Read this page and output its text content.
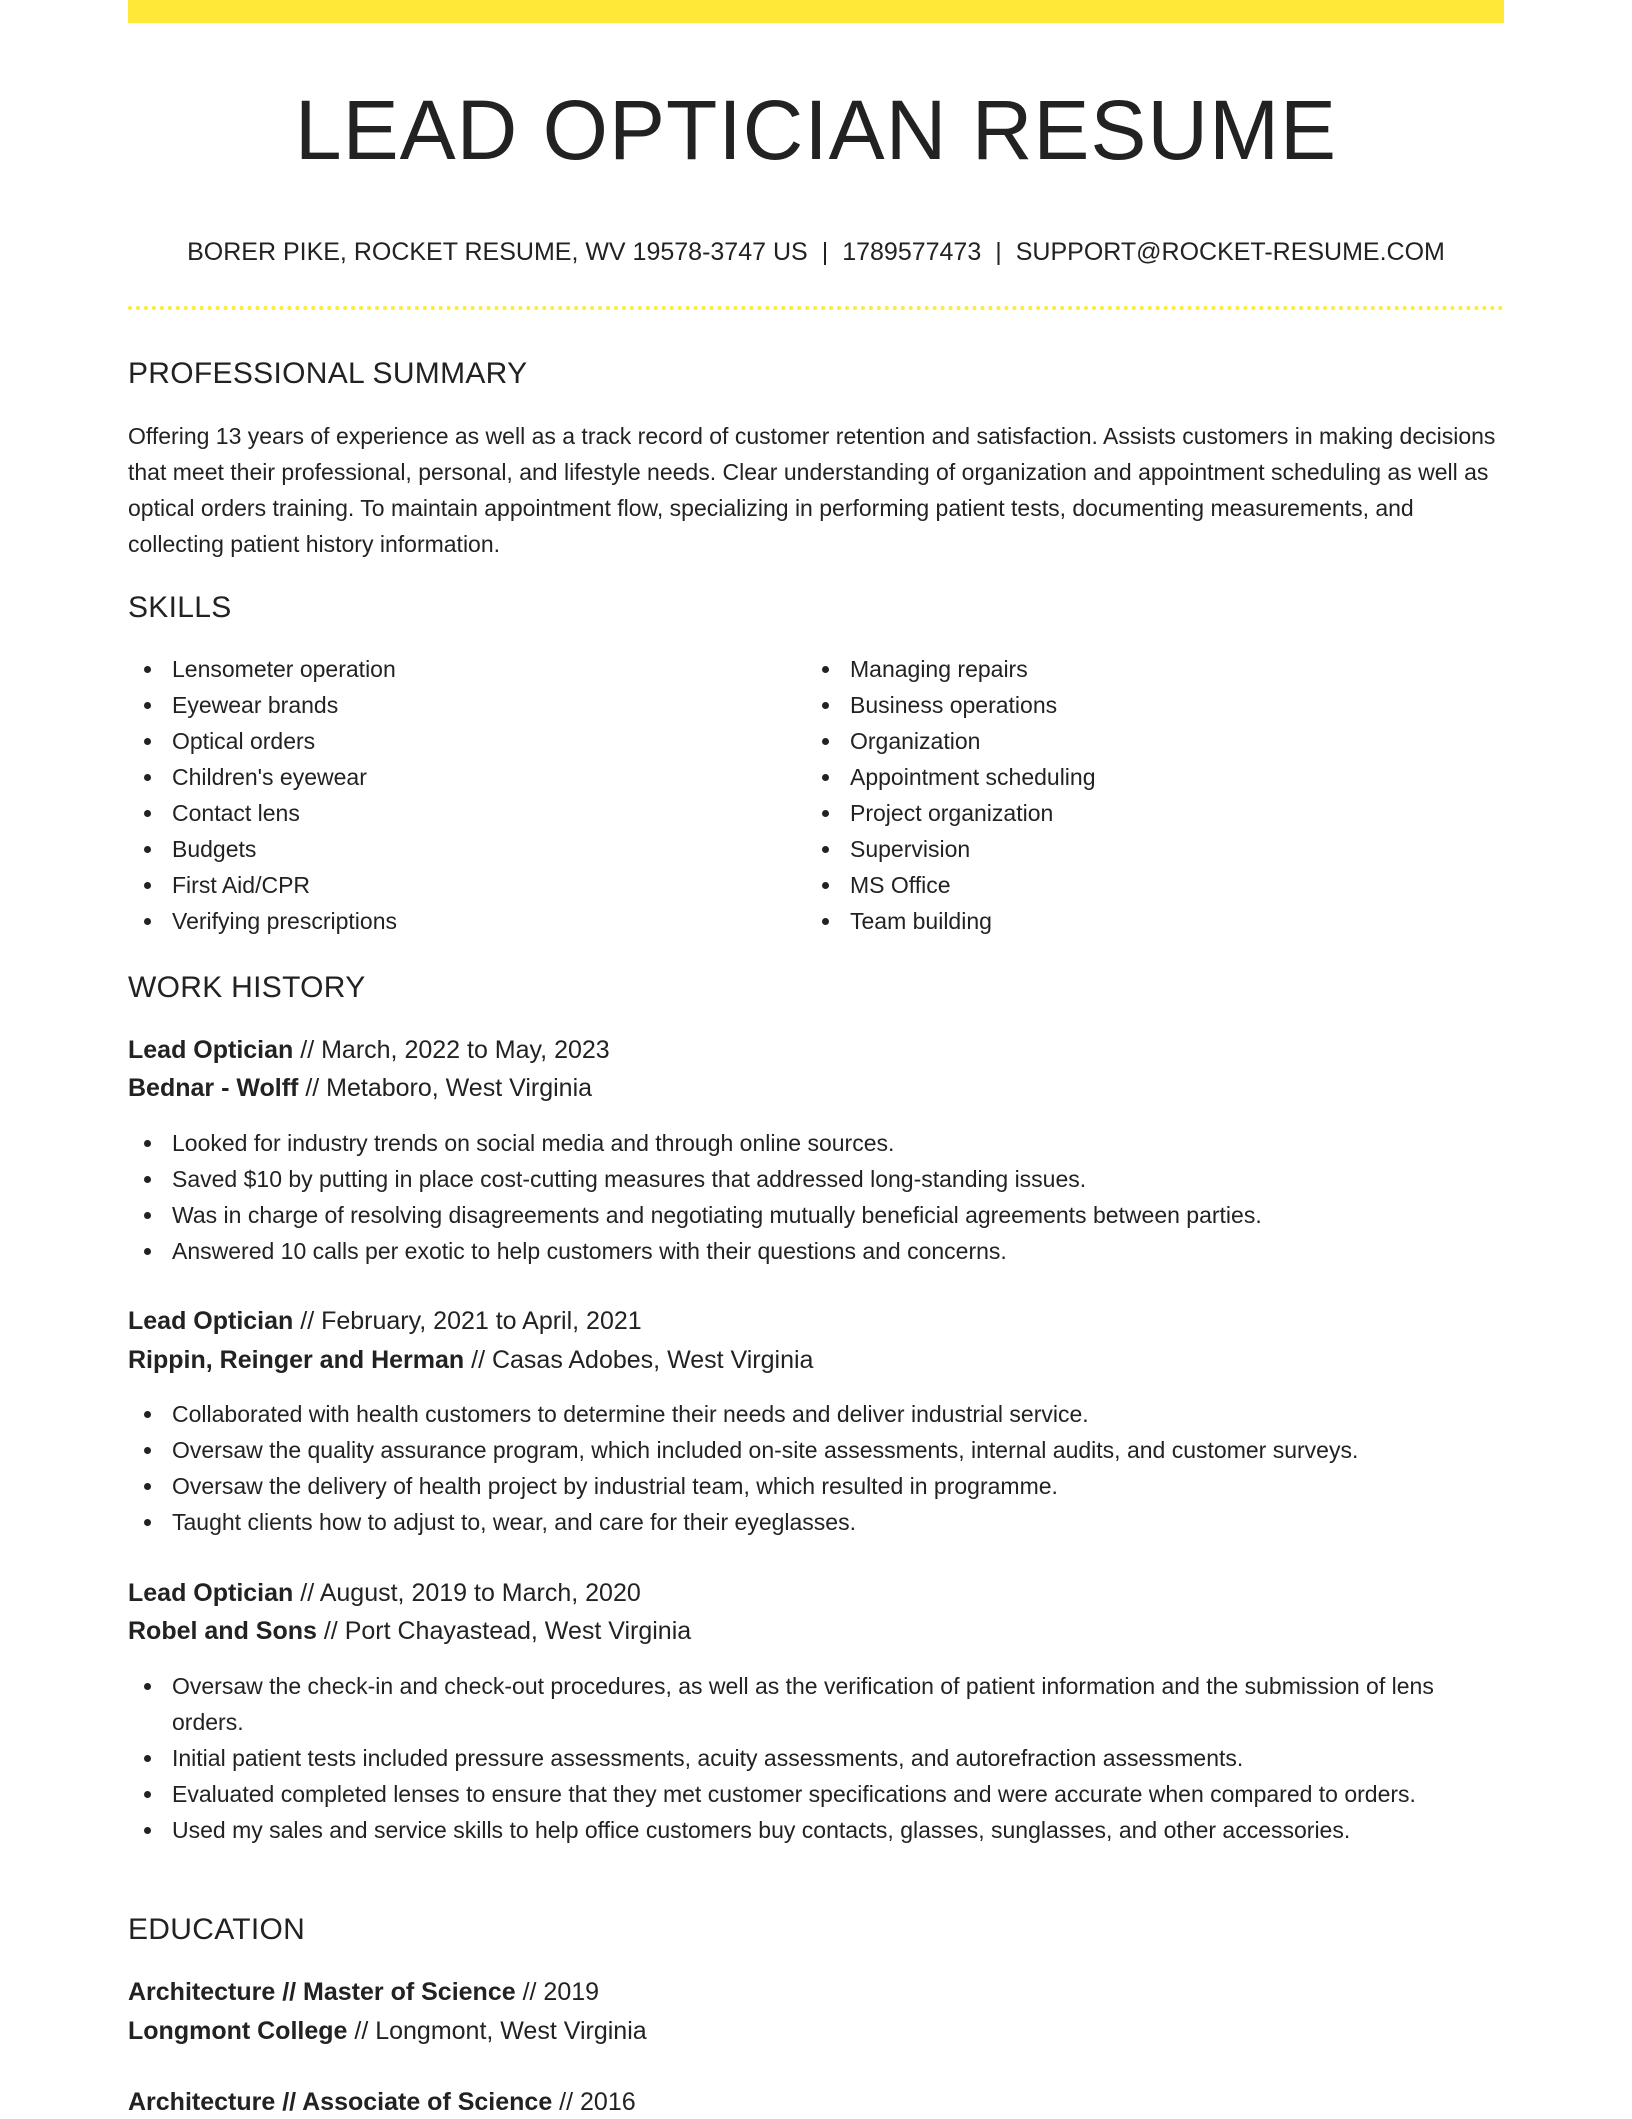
LEAD OPTICIAN RESUME
BORER PIKE, ROCKET RESUME, WV 19578-3747 US | 1789577473 | SUPPORT@ROCKET-RESUME.COM
PROFESSIONAL SUMMARY
Offering 13 years of experience as well as a track record of customer retention and satisfaction. Assists customers in making decisions that meet their professional, personal, and lifestyle needs. Clear understanding of organization and appointment scheduling as well as optical orders training. To maintain appointment flow, specializing in performing patient tests, documenting measurements, and collecting patient history information.
SKILLS
Lensometer operation
Eyewear brands
Optical orders
Children's eyewear
Contact lens
Budgets
First Aid/CPR
Verifying prescriptions
Managing repairs
Business operations
Organization
Appointment scheduling
Project organization
Supervision
MS Office
Team building
WORK HISTORY
Lead Optician // March, 2022 to May, 2023
Bednar - Wolff // Metaboro, West Virginia
Looked for industry trends on social media and through online sources.
Saved $10 by putting in place cost-cutting measures that addressed long-standing issues.
Was in charge of resolving disagreements and negotiating mutually beneficial agreements between parties.
Answered 10 calls per exotic to help customers with their questions and concerns.
Lead Optician // February, 2021 to April, 2021
Rippin, Reinger and Herman // Casas Adobes, West Virginia
Collaborated with health customers to determine their needs and deliver industrial service.
Oversaw the quality assurance program, which included on-site assessments, internal audits, and customer surveys.
Oversaw the delivery of health project by industrial team, which resulted in programme.
Taught clients how to adjust to, wear, and care for their eyeglasses.
Lead Optician // August, 2019 to March, 2020
Robel and Sons // Port Chayastead, West Virginia
Oversaw the check-in and check-out procedures, as well as the verification of patient information and the submission of lens orders.
Initial patient tests included pressure assessments, acuity assessments, and autorefraction assessments.
Evaluated completed lenses to ensure that they met customer specifications and were accurate when compared to orders.
Used my sales and service skills to help office customers buy contacts, glasses, sunglasses, and other accessories.
EDUCATION
Architecture // Master of Science // 2019
Longmont College // Longmont, West Virginia
Architecture // Associate of Science // 2016
